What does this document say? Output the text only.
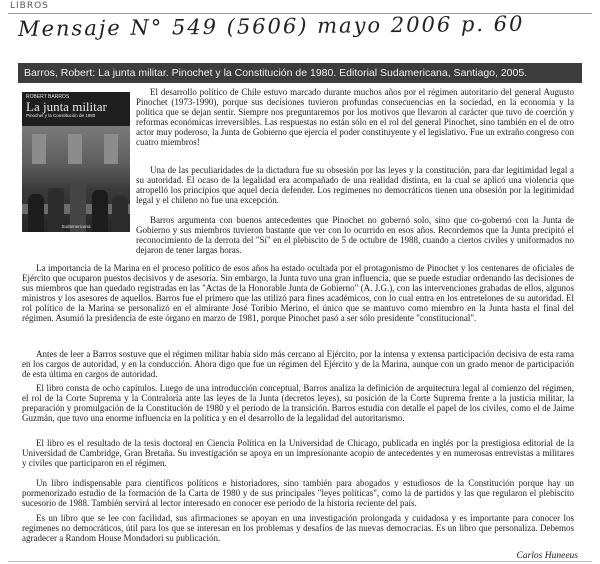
LIBROS
Mensaje N° 549 (5606) mayo 2006 p. 60
Barros, Robert: La junta militar. Pinochet y la Constitución de 1980. Editorial Sudamericana, Santiago, 2005.
ROBERT BARROS
La junta militar
Pinochet y la Constitución de 1980
Sudamericana

El desarrollo político de Chile estuvo marcado durante muchos años por el régimen autoritario del general Augusto Pinochet (1973-1990), porque sus decisiones tuvieron profundas consecuencias en la sociedad, en la economía y la política que se dejan sentir. Siempre nos preguntaremos por los motivos que llevaron al carácter que tuvo de coerción y reformas económicas irreversibles. Las respuestas no están sólo en el rol del general Pinochet, sino también en el de otro actor muy poderoso, la Junta de Gobierno que ejercía el poder constituyente y el legislativo. Fue un extraño congreso con cuatro miembros!

Una de las peculiaridades de la dictadura fue su obsesión por las leyes y la constitución, para dar legitimidad legal a su autoridad. El ocaso de la legalidad era acompañado de una realidad distinta, en la cual se aplicó una violencia que atropelló los principios que aquel decía defender. Los regímenes no democráticos tienen una obsesión por la legitimidad legal y el chileno no fue una excepción.

Barros argumenta con buenos antecedentes que Pinochet no gobernó solo, sino que co-gobernó con la Junta de Gobierno y sus miembros tuvieron bastante que ver con lo ocurrido en esos años. Recordemos que la Junta precipitó el reconocimiento de la derrota del "Sí" en el plebiscito de 5 de octubre de 1988, cuando a ciertos civiles y uniformados no dejaron de tener largas horas.

La importancia de la Marina en el proceso político de esos años ha estado ocultada por el protagonismo de Pinochet y los centenares de oficiales de Ejército que ocuparon puestos decisivos y de asesoría. Sin embargo, la Junta tuvo una gran influencia, que se puede estudiar ordenando las decisiones de sus miembros que han quedado registradas en las "Actas de la Honorable Junta de Gobierno" (A. J.G.), con las intervenciones grabadas de ellos, algunos ministros y los asesores de aquellos. Barros fue el primero que las utilizó para fines académicos, con lo cual entra en los entretelones de su autoridad. El rol político de la Marina se personalizó en el almirante José Toribio Merino, el único que se mantuvo como miembro en la Junta hasta el final del régimen. Asumió la presidencia de este órgano en marzo de 1981, porque Pinochet pasó a ser sólo presidente "constitucional".

Antes de leer a Barros sostuve que el régimen militar había sido más cercano al Ejército, por la intensa y extensa participación decisiva de esta rama en los cargos de autoridad, y en la conducción. Ahora digo que fue un régimen del Ejército y de la Marina, aunque con un grado menor de participación de esta última en cargos de autoridad.

El libro consta de ocho capítulos. Luego de una introducción conceptual, Barros analiza la definición de arquitectura legal al comienzo del régimen, el rol de la Corte Suprema y la Contraloría ante las leyes de la Junta (decretos leyes), su posición de la Corte Suprema frente a la justicia militar, la preparación y promulgación de la Constitución de 1980 y el período de la transición. Barros estudia con detalle el papel de los civiles, como el de Jaime Guzmán, que tuvo una enorme influencia en la política y en el desarrollo de la legalidad del autoritarismo.

El libro es el resultado de la tesis doctoral en Ciencia Política en la Universidad de Chicago, publicada en inglés por la prestigiosa editorial de la Universidad de Cambridge, Gran Bretaña. Su investigación se apoya en un impresionante acopio de antecedentes y en numerosas entrevistas a militares y civiles que participaron en el régimen.

Un libro indispensable para científicos políticos e historiadores, sino también para abogados y estudiosos de la Constitución porque hay un pormenorizado estudio de la formación de la Carta de 1980 y de sus principales "leyes políticas", como la de partidos y las que regularon el plebiscito sucesorio de 1988. También servirá al lector interesado en conocer ese período de la historia reciente del país.

Es un libro que se lee con facilidad, sus afirmaciones se apoyan en una investigación prolongada y cuidadosa y es importante para conocer los regímenes no democráticos, útil para los que se interesan en los problemas y desafíos de las nuevas democracias. Es un libro que personaliza. Debemos agradecer a Random House Mondadori su publicación.

Carlos Huneeus
